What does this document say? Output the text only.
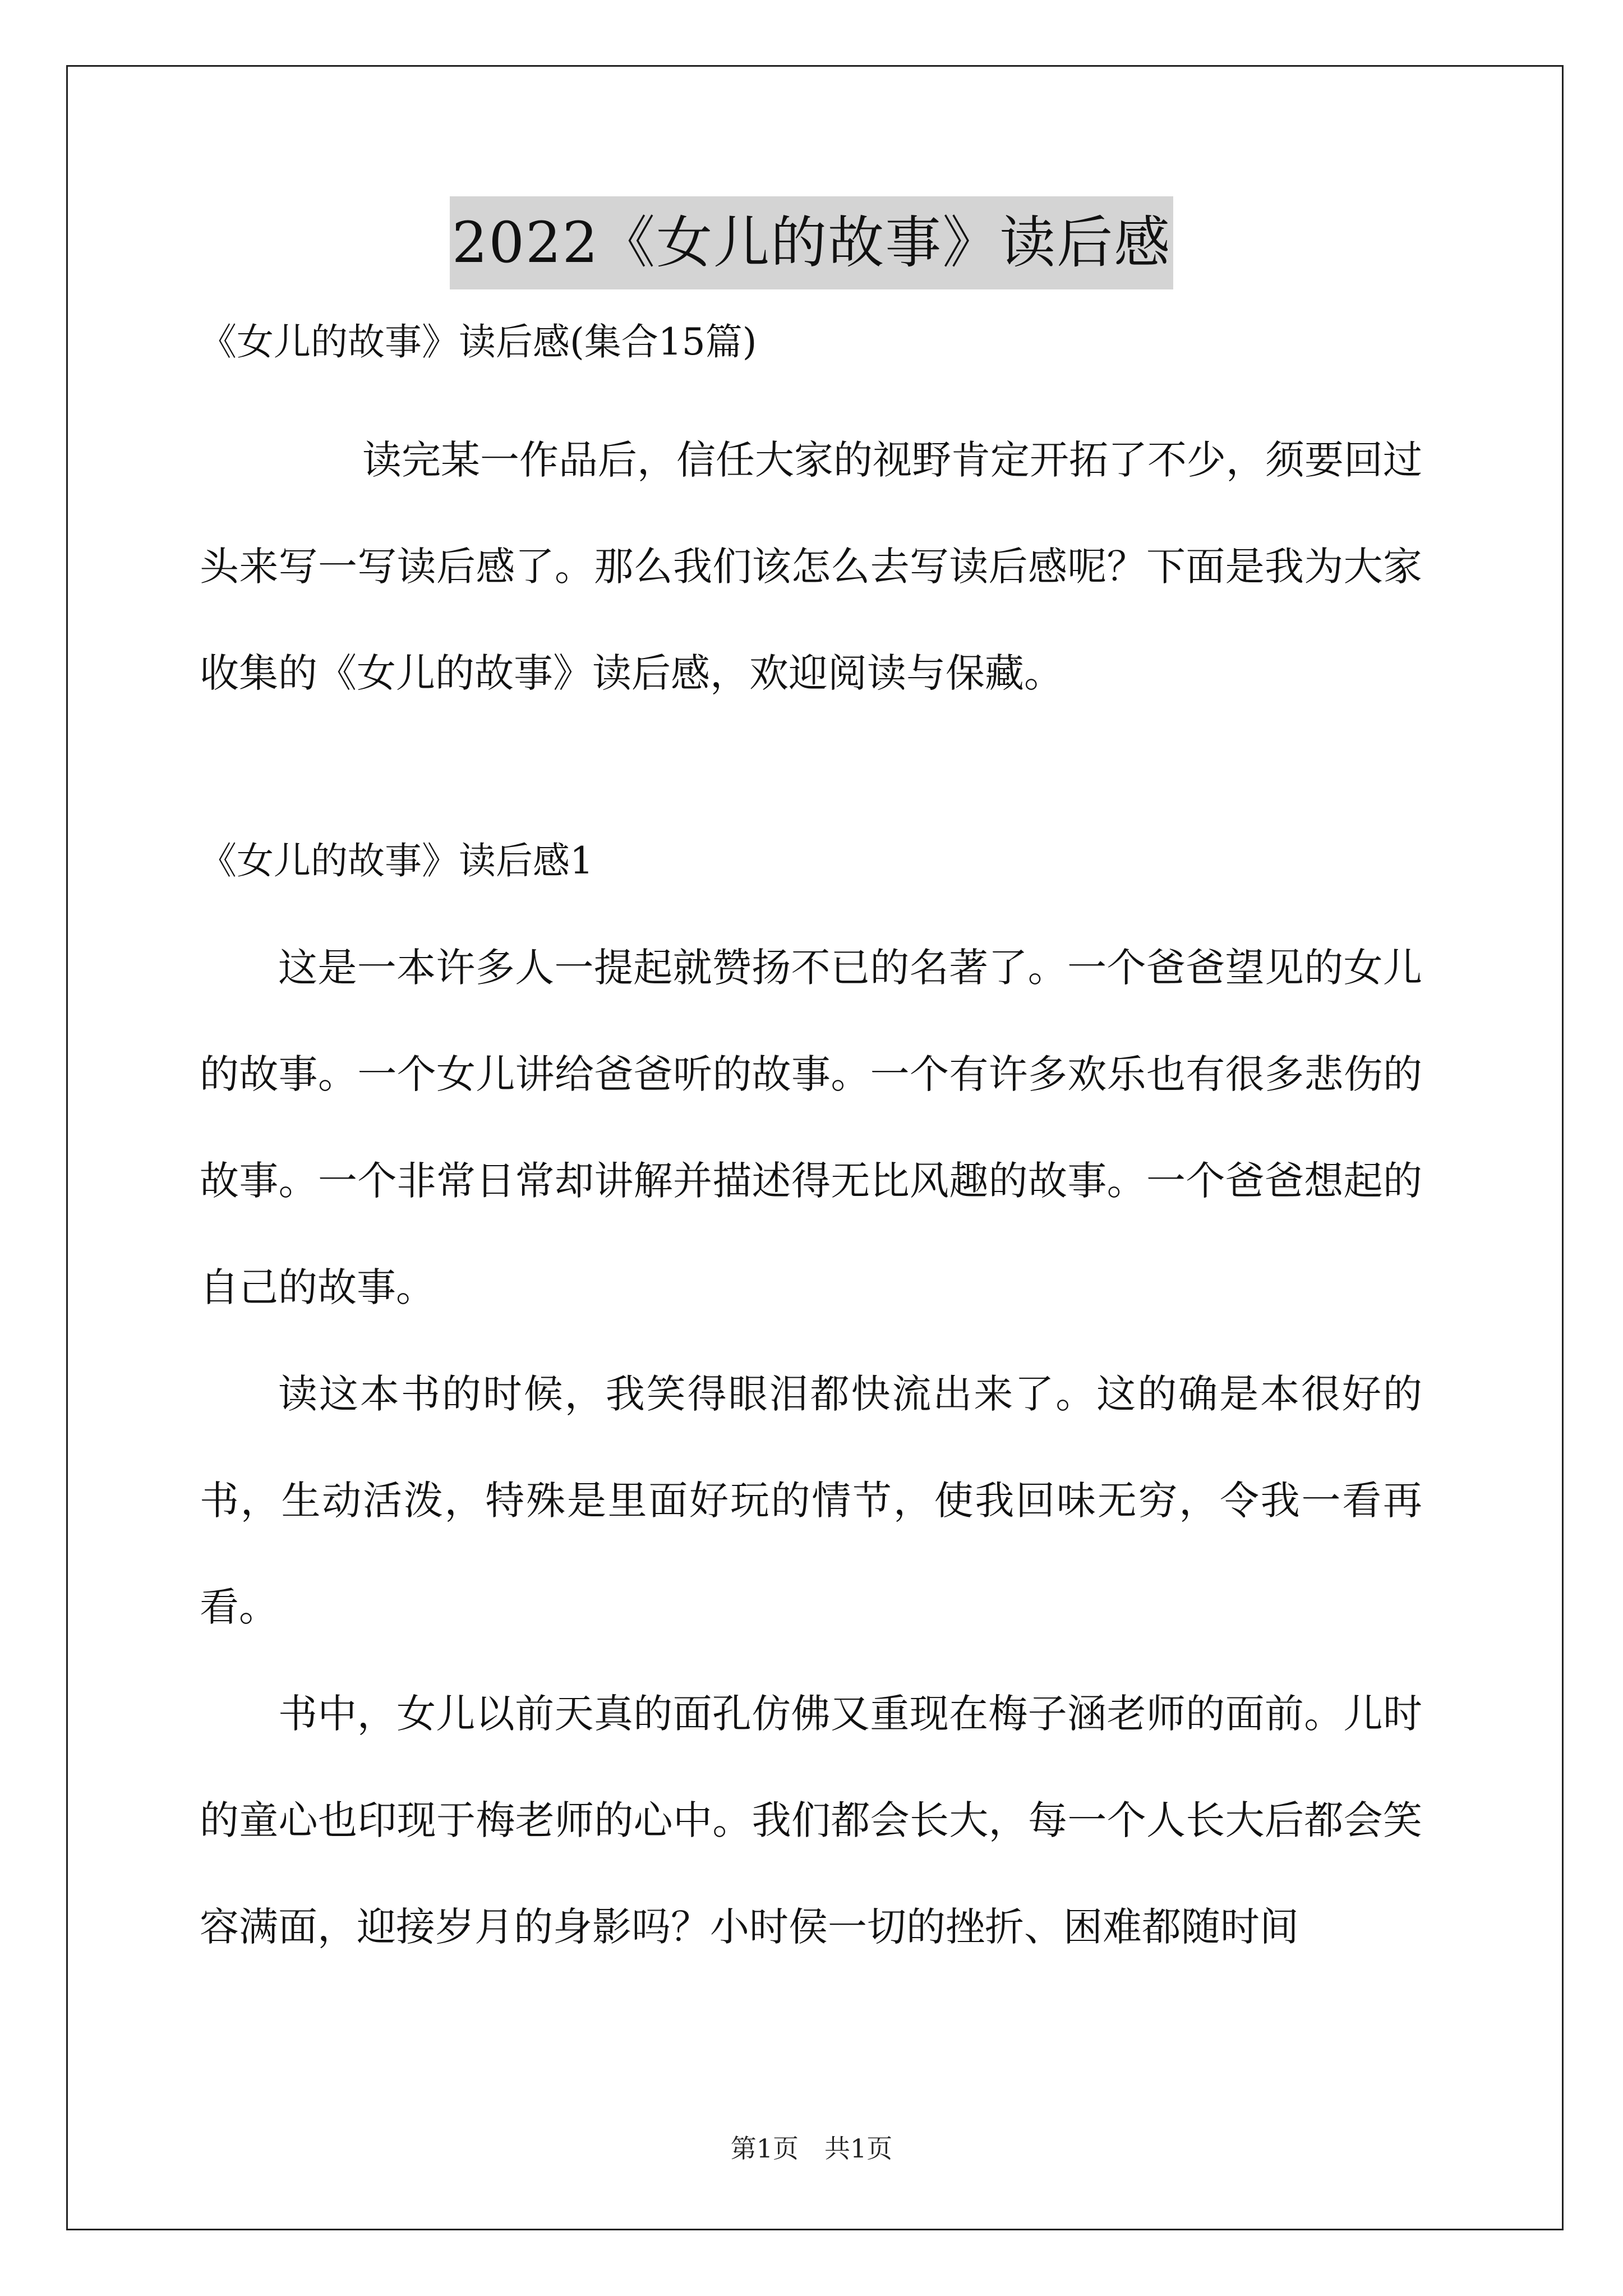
2022《女儿的故事》读后感

《女儿的故事》读后感(集合15篇)

读完某一作品后，信任大家的视野肯定开拓了不少，须要回过头来写一写读后感了。那么我们该怎么去写读后感呢？下面是我为大家收集的《女儿的故事》读后感，欢迎阅读与保藏。

《女儿的故事》读后感1

这是一本许多人一提起就赞扬不已的名著了。一个爸爸望见的女儿的故事。一个女儿讲给爸爸听的故事。一个有许多欢乐也有很多悲伤的故事。一个非常日常却讲解并描述得无比风趣的故事。一个爸爸想起的自己的故事。

读这本书的时候，我笑得眼泪都快流出来了。这的确是本很好的书，生动活泼，特殊是里面好玩的情节，使我回味无穷，令我一看再看。

书中，女儿以前天真的面孔仿佛又重现在梅子涵老师的面前。儿时的童心也印现于梅老师的心中。我们都会长大，每一个人长大后都会笑容满面，迎接岁月的身影吗？小时侯一切的挫折、困难都随时间

第1页　共1页
